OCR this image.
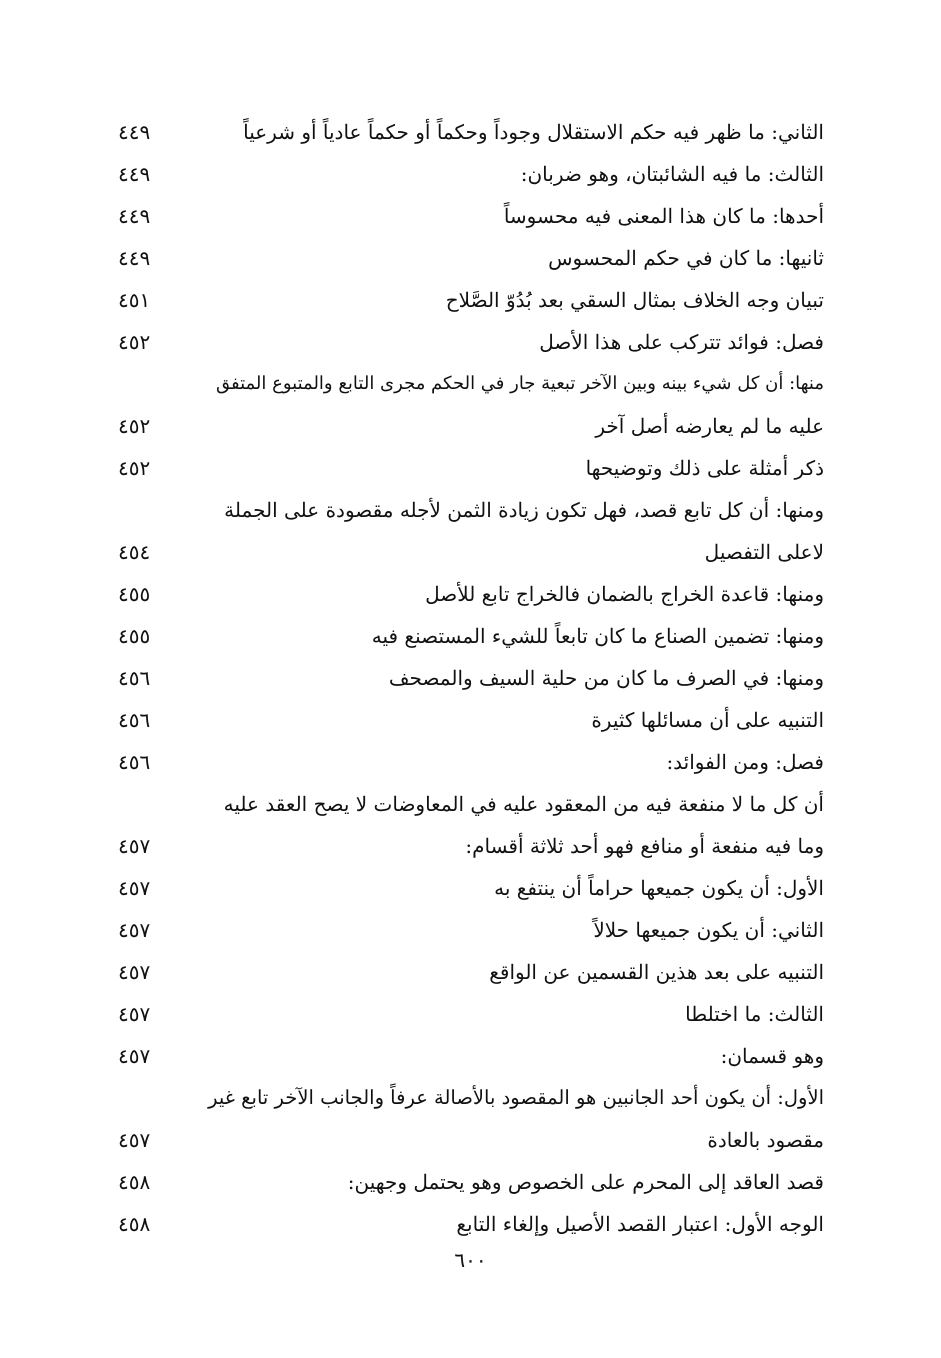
الثاني: ما ظهر فيه حكم الاستقلال وجوداً وحكماً أو حكماً عادياً أو شرعياً
٤٤٩
الثالث: ما فيه الشائبتان، وهو ضربان:
٤٤٩
أحدها: ما كان هذا المعنى فيه محسوساً
٤٤٩
ثانيها: ما كان في حكم المحسوس
٤٤٩
تبيان وجه الخلاف بمثال السقي بعد بُدُوّ الصَّلاح
٤٥١
فصل: فوائد تترکب على هذا الأصل
٤٥٢
منها: أن كل شيء بينه وبين الآخر تبعية جار في الحكم مجرى التابع والمتبوع المتفق
عليه ما لم يعارضه أصل آخر
٤٥٢
ذكر أمثلة على ذلك وتوضيحها
٤٥٢
ومنها: أن كل تابع قصد، فهل تكون زيادة الثمن لأجله مقصودة على الجملة
لاعلى التفصيل
٤٥٤
ومنها: قاعدة الخراج بالضمان فالخراج تابع للأصل
٤٥٥
ومنها: تضمين الصناع ما كان تابعاً للشيء المستصنع فيه
٤٥٥
ومنها: في الصرف ما كان من حلية السيف والمصحف
٤٥٦
التنبيه على أن مسائلها كثيرة
٤٥٦
فصل: ومن الفوائد:
٤٥٦
أن كل ما لا منفعة فيه من المعقود عليه في المعاوضات لا يصح العقد عليه
وما فيه منفعة أو منافع فهو أحد ثلاثة أقسام:
٤٥٧
الأول: أن يكون جميعها حراماً أن ينتفع به
٤٥٧
الثاني: أن يكون جميعها حلالاً
٤٥٧
التنبيه على بعد هذين القسمين عن الواقع
٤٥٧
الثالث: ما اختلطا
٤٥٧
وهو قسمان:
٤٥٧
الأول: أن يكون أحد الجانبين هو المقصود بالأصالة عرفاً والجانب الآخر تابع غير
مقصود بالعادة
٤٥٧
قصد العاقد إلى المحرم على الخصوص وهو يحتمل وجهين:
٤٥٨
الوجه الأول: اعتبار القصد الأصيل وإلغاء التابع
٤٥٨
٦٠٠
